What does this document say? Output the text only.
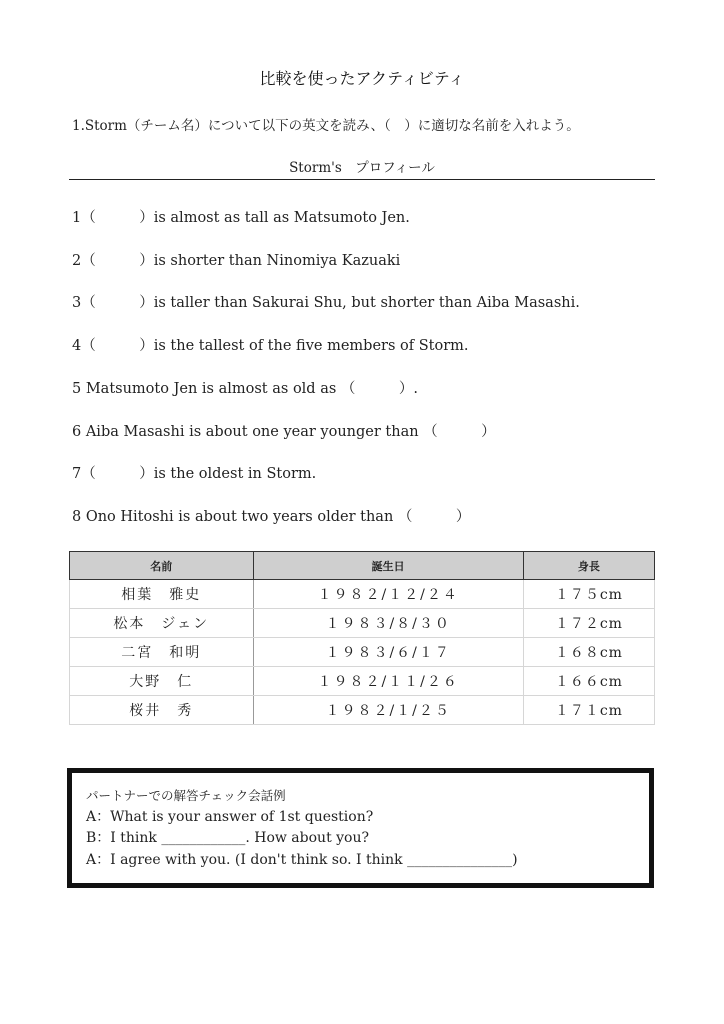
比較を使ったアクティビティ
1.Storm（チーム名）について以下の英文を読み、（　）に適切な名前を入れよう。
Storm's　プロフィール
1（　　　）is almost as tall as Matsumoto Jen.
2（　　　）is shorter than Ninomiya Kazuaki
3（　　　）is taller than Sakurai Shu, but shorter than Aiba Masashi.
4（　　　）is the tallest of the five members of Storm.
5 Matsumoto Jen is almost as old as （　　　）.
6 Aiba Masashi is about one year younger than （　　　）
7（　　　）is the oldest in Storm.
8 Ono Hitoshi is about two years older than （　　　）
名前	誕生日	身長
相葉　雅史	１９８２/１２/２４	１７５cm
松本　ジェン	１９８３/８/３０	１７２cm
二宮　和明	１９８３/６/１７	１６８cm
大野　仁	１９８２/１１/２６	１６６cm
桜井　秀	１９８２/１/２５	１７１cm
パートナーでの解答チェック会話例
A：What is your answer of 1st question?
B：I think ____________. How about you?
A：I agree with you. (I don't think so. I think _______________)
